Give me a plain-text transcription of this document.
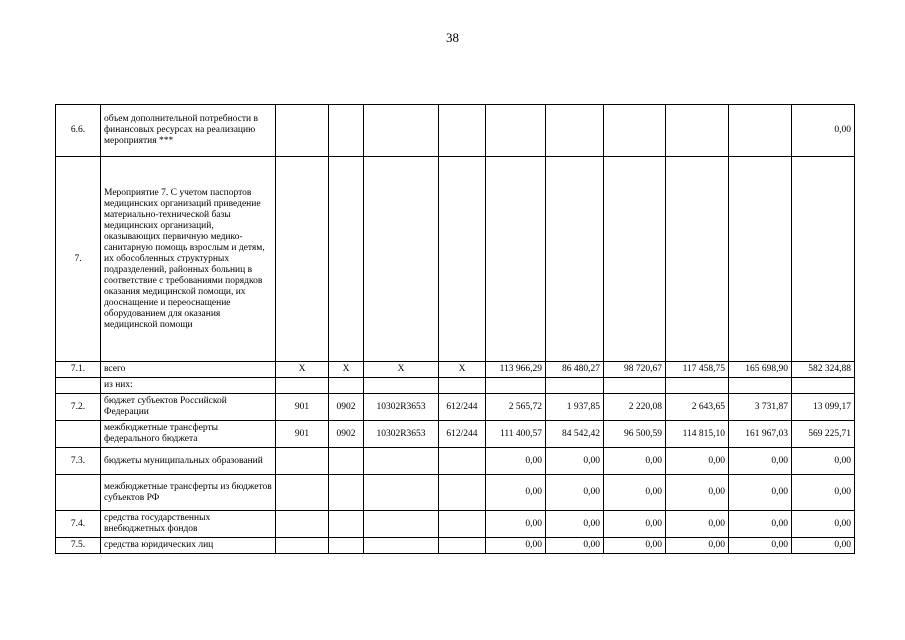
38
6.6.	объем дополнительной потребности в финансовых ресурсах на реализацию мероприятия ***										0,00
7.	Мероприятие 7. С учетом паспортов медицинских организаций приведение материально-технической базы медицинских организаций, оказывающих первичную медико-санитарную помощь взрослым и детям, их обособленных структурных подразделений, районных больниц в соответствие с требованиями порядков оказания медицинской помощи, их дооснащение и переоснащение оборудованием для оказания медицинской помощи										
7.1.	всего	X	X	X	X	113 966,29	86 480,27	98 720,67	117 458,75	165 698,90	582 324,88
	из них:										
7.2.	бюджет субъектов Российской Федерации	901	0902	10302R3653	612/244	2 565,72	1 937,85	2 220,08	2 643,65	3 731,87	13 099,17
	межбюджетные трансферты федерального бюджета	901	0902	10302R3653	612/244	111 400,57	84 542,42	96 500,59	114 815,10	161 967,03	569 225,71
7.3.	бюджеты муниципальных образований					0,00	0,00	0,00	0,00	0,00	0,00
	межбюджетные трансферты из бюджетов субъектов РФ					0,00	0,00	0,00	0,00	0,00	0,00
7.4.	средства государственных внебюджетных фондов					0,00	0,00	0,00	0,00	0,00	0,00
7.5.	средства юридических лиц					0,00	0,00	0,00	0,00	0,00	0,00
